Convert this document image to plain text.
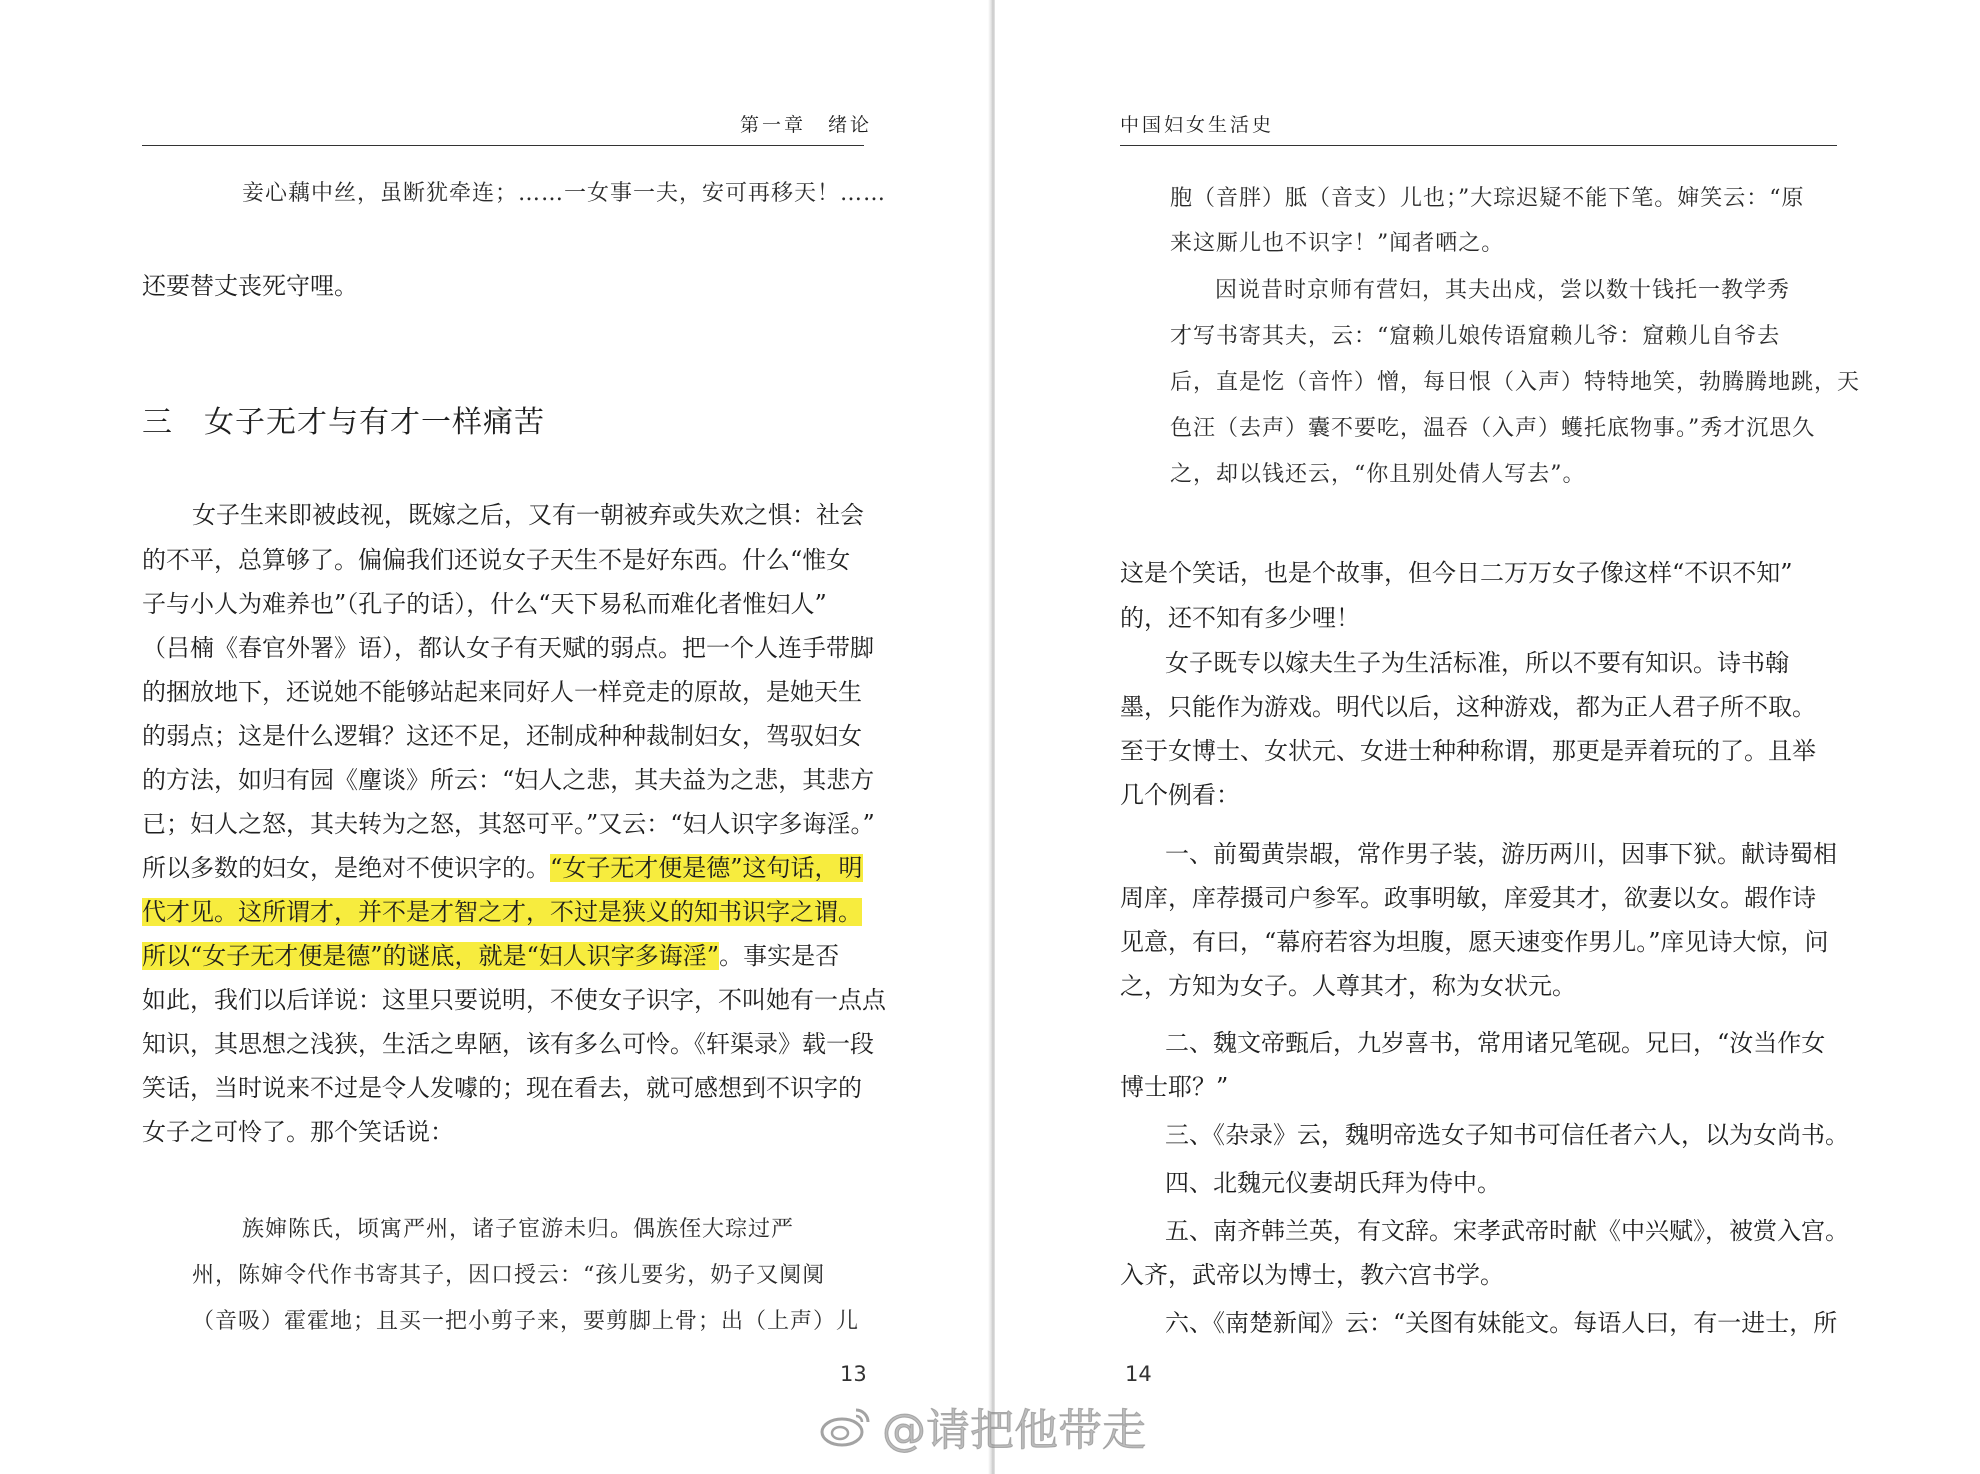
第一章　绪论
妾心藕中丝，虽断犹牵连；……一女事一夫，安可再移天！……
还要替丈丧死守哩。
三　女子无才与有才一样痛苦
女子生来即被歧视，既嫁之后，又有一朝被弃或失欢之惧：社会
的不平，总算够了。偏偏我们还说女子天生不是好东西。什么“惟女
子与小人为难养也”（孔子的话），什么“天下易私而难化者惟妇人”
（吕楠《春官外署》语），都认女子有天赋的弱点。把一个人连手带脚
的捆放地下，还说她不能够站起来同好人一样竞走的原故，是她天生
的弱点；这是什么逻辑？这还不足，还制成种种裁制妇女，驾驭妇女
的方法，如归有园《麈谈》所云：“妇人之悲，其夫益为之悲，其悲方
已；妇人之怒，其夫转为之怒，其怒可平。”又云：“妇人识字多诲淫。”
所以多数的妇女，是绝对不使识字的。“女子无才便是德”这句话，明
代才见。这所谓才，并不是才智之才，不过是狭义的知书识字之谓。
所以“女子无才便是德”的谜底，就是“妇人识字多诲淫”。事实是否
如此，我们以后详说：这里只要说明，不使女子识字，不叫她有一点点
知识，其思想之浅狭，生活之卑陋，该有多么可怜。《轩渠录》载一段
笑话，当时说来不过是令人发噱的；现在看去，就可感想到不识字的
女子之可怜了。那个笑话说：
族婶陈氏，顷寓严州，诸子宦游未归。偶族侄大琮过严
州，陈婶令代作书寄其子，因口授云：“孩儿要劣，奶子又阒阒
（音吸）霍霍地；且买一把小剪子来，要剪脚上骨；出（上声）儿
13
中国妇女生活史
胞（音胖）胝（音支）儿也；”大琮迟疑不能下笔。婶笑云：“原
来这厮儿也不识字！”闻者哂之。
因说昔时京师有营妇，其夫出戍，尝以数十钱托一教学秀
才写书寄其夫，云：“窟赖儿娘传语窟赖儿爷：窟赖儿自爷去
后，直是忔（音忤）憎，每日恨（入声）特特地笑，勃腾腾地跳，天
色汪（去声）囊不要吃，温吞（入声）蠖托底物事。”秀才沉思久
之，却以钱还云，“你且别处倩人写去”。
这是个笑话，也是个故事，但今日二万万女子像这样“不识不知”
的，还不知有多少哩！
女子既专以嫁夫生子为生活标准，所以不要有知识。诗书翰
墨，只能作为游戏。明代以后，这种游戏，都为正人君子所不取。
至于女博士、女状元、女进士种种称谓，那更是弄着玩的了。且举
几个例看：
一、前蜀黄崇嘏，常作男子装，游历两川，因事下狱。献诗蜀相
周庠，庠荐摄司户参军。政事明敏，庠爱其才，欲妻以女。嘏作诗
见意，有曰，“幕府若容为坦腹，愿天速变作男儿。”庠见诗大惊，问
之，方知为女子。人尊其才，称为女状元。
二、魏文帝甄后，九岁喜书，常用诸兄笔砚。兄曰，“汝当作女
博士耶？”
三、《杂录》云，魏明帝选女子知书可信任者六人，以为女尚书。
四、北魏元仪妻胡氏拜为侍中。
五、南齐韩兰英，有文辞。宋孝武帝时献《中兴赋》，被赏入宫。
入齐，武帝以为博士，教六宫书学。
六、《南楚新闻》云：“关图有妹能文。每语人曰，有一进士，所
14
@请把他带走
